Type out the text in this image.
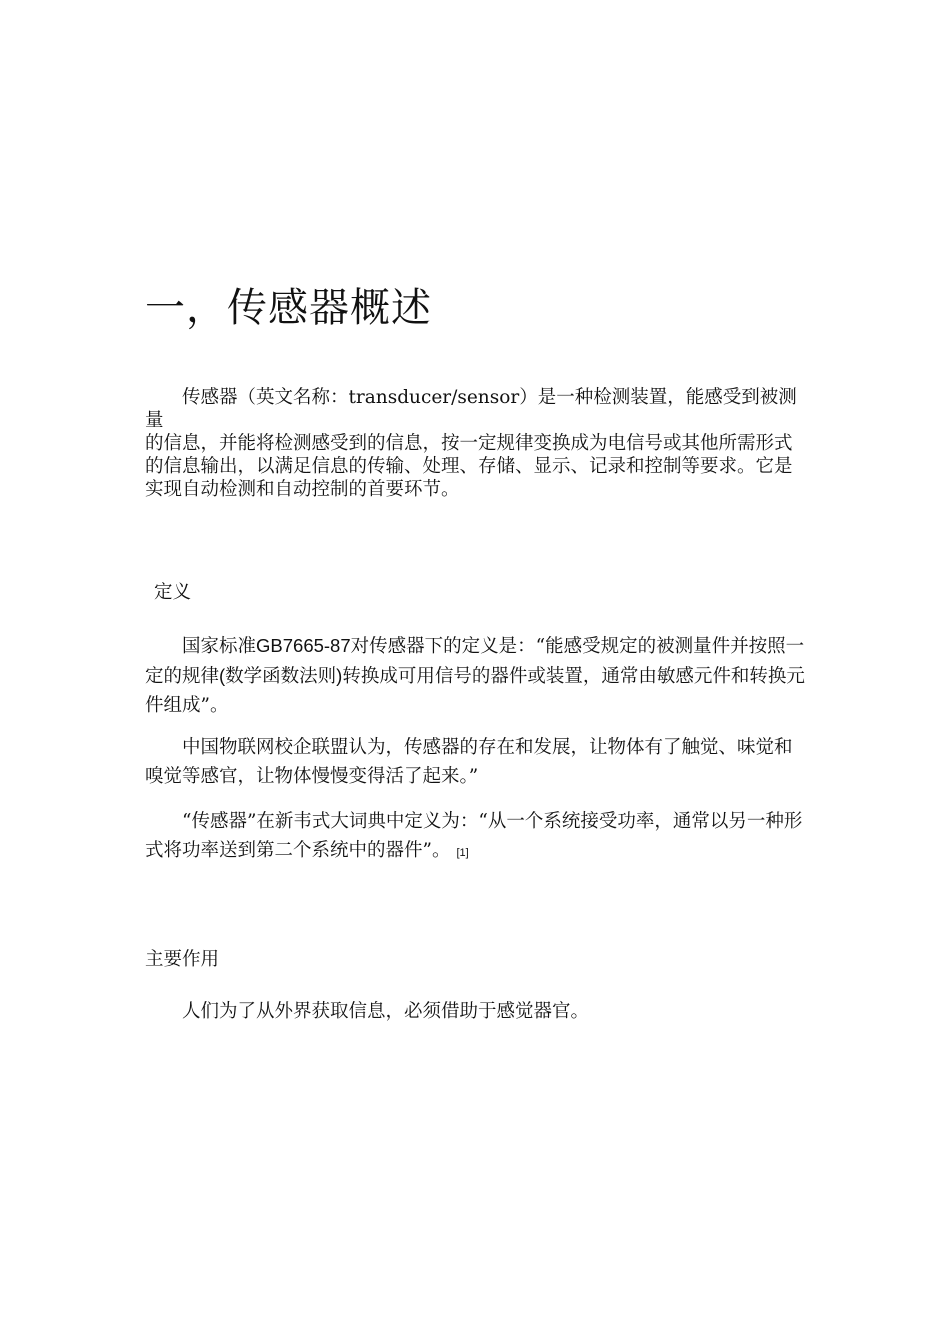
一，传感器概述

传感器（英文名称：transducer/sensor）是一种检测装置，能感受到被测量
的信息，并能将检测感受到的信息，按一定规律变换成为电信号或其他所需形式的信息输出，以满足信息的传输、处理、存储、显示、记录和控制等要求。它是实现自动检测和自动控制的首要环节。

定义

国家标准GB7665-87对传感器下的定义是：“能感受规定的被测量件并按照一定的规律(数学函数法则)转换成可用信号的器件或装置，通常由敏感元件和转换元件组成”。

中国物联网校企联盟认为，传感器的存在和发展，让物体有了触觉、味觉和嗅觉等感官，让物体慢慢变得活了起来。”

“传感器”在新韦式大词典中定义为：“从一个系统接受功率，通常以另一种形式将功率送到第二个系统中的器件”。 [1]

主要作用

人们为了从外界获取信息，必须借助于感觉器官。
